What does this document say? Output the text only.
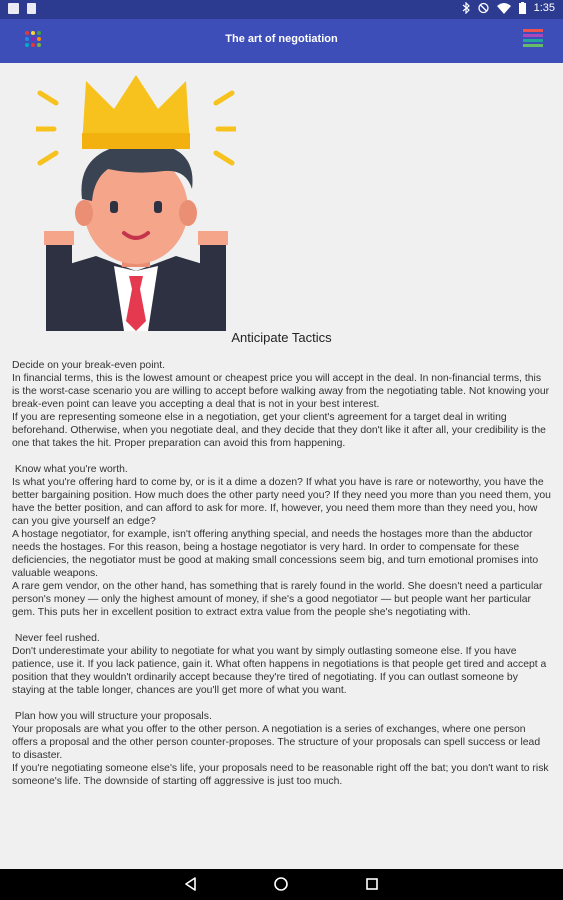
1:35
The art of negotiation
Anticipate Tactics

Decide on your break-even point.
In financial terms, this is the lowest amount or cheapest price you will accept in the deal. In non-financial terms, this is the worst-case scenario you are willing to accept before walking away from the negotiating table. Not knowing your break-even point can leave you accepting a deal that is not in your best interest.
If you are representing someone else in a negotiation, get your client's agreement for a target deal in writing beforehand. Otherwise, when you negotiate deal, and they decide that they don't like it after all, your credibility is the one that takes the hit. Proper preparation can avoid this from happening.

Know what you're worth.
Is what you're offering hard to come by, or is it a dime a dozen? If what you have is rare or noteworthy, you have the better bargaining position. How much does the other party need you? If they need you more than you need them, you have the better position, and can afford to ask for more. If, however, you need them more than they need you, how can you give yourself an edge?
A hostage negotiator, for example, isn't offering anything special, and needs the hostages more than the abductor needs the hostages. For this reason, being a hostage negotiator is very hard. In order to compensate for these deficiencies, the negotiator must be good at making small concessions seem big, and turn emotional promises into valuable weapons.
A rare gem vendor, on the other hand, has something that is rarely found in the world. She doesn't need a particular person's money — only the highest amount of money, if she's a good negotiator — but people want her particular gem. This puts her in excellent position to extract extra value from the people she's negotiating with.

Never feel rushed.
Don't underestimate your ability to negotiate for what you want by simply outlasting someone else. If you have patience, use it. If you lack patience, gain it. What often happens in negotiations is that people get tired and accept a position that they wouldn't ordinarily accept because they're tired of negotiating. If you can outlast someone by staying at the table longer, chances are you'll get more of what you want.

Plan how you will structure your proposals.
Your proposals are what you offer to the other person. A negotiation is a series of exchanges, where one person offers a proposal and the other person counter-proposes. The structure of your proposals can spell success or lead to disaster.
If you're negotiating someone else's life, your proposals need to be reasonable right off the bat; you don't want to risk someone's life. The downside of starting off aggressive is just too much.
